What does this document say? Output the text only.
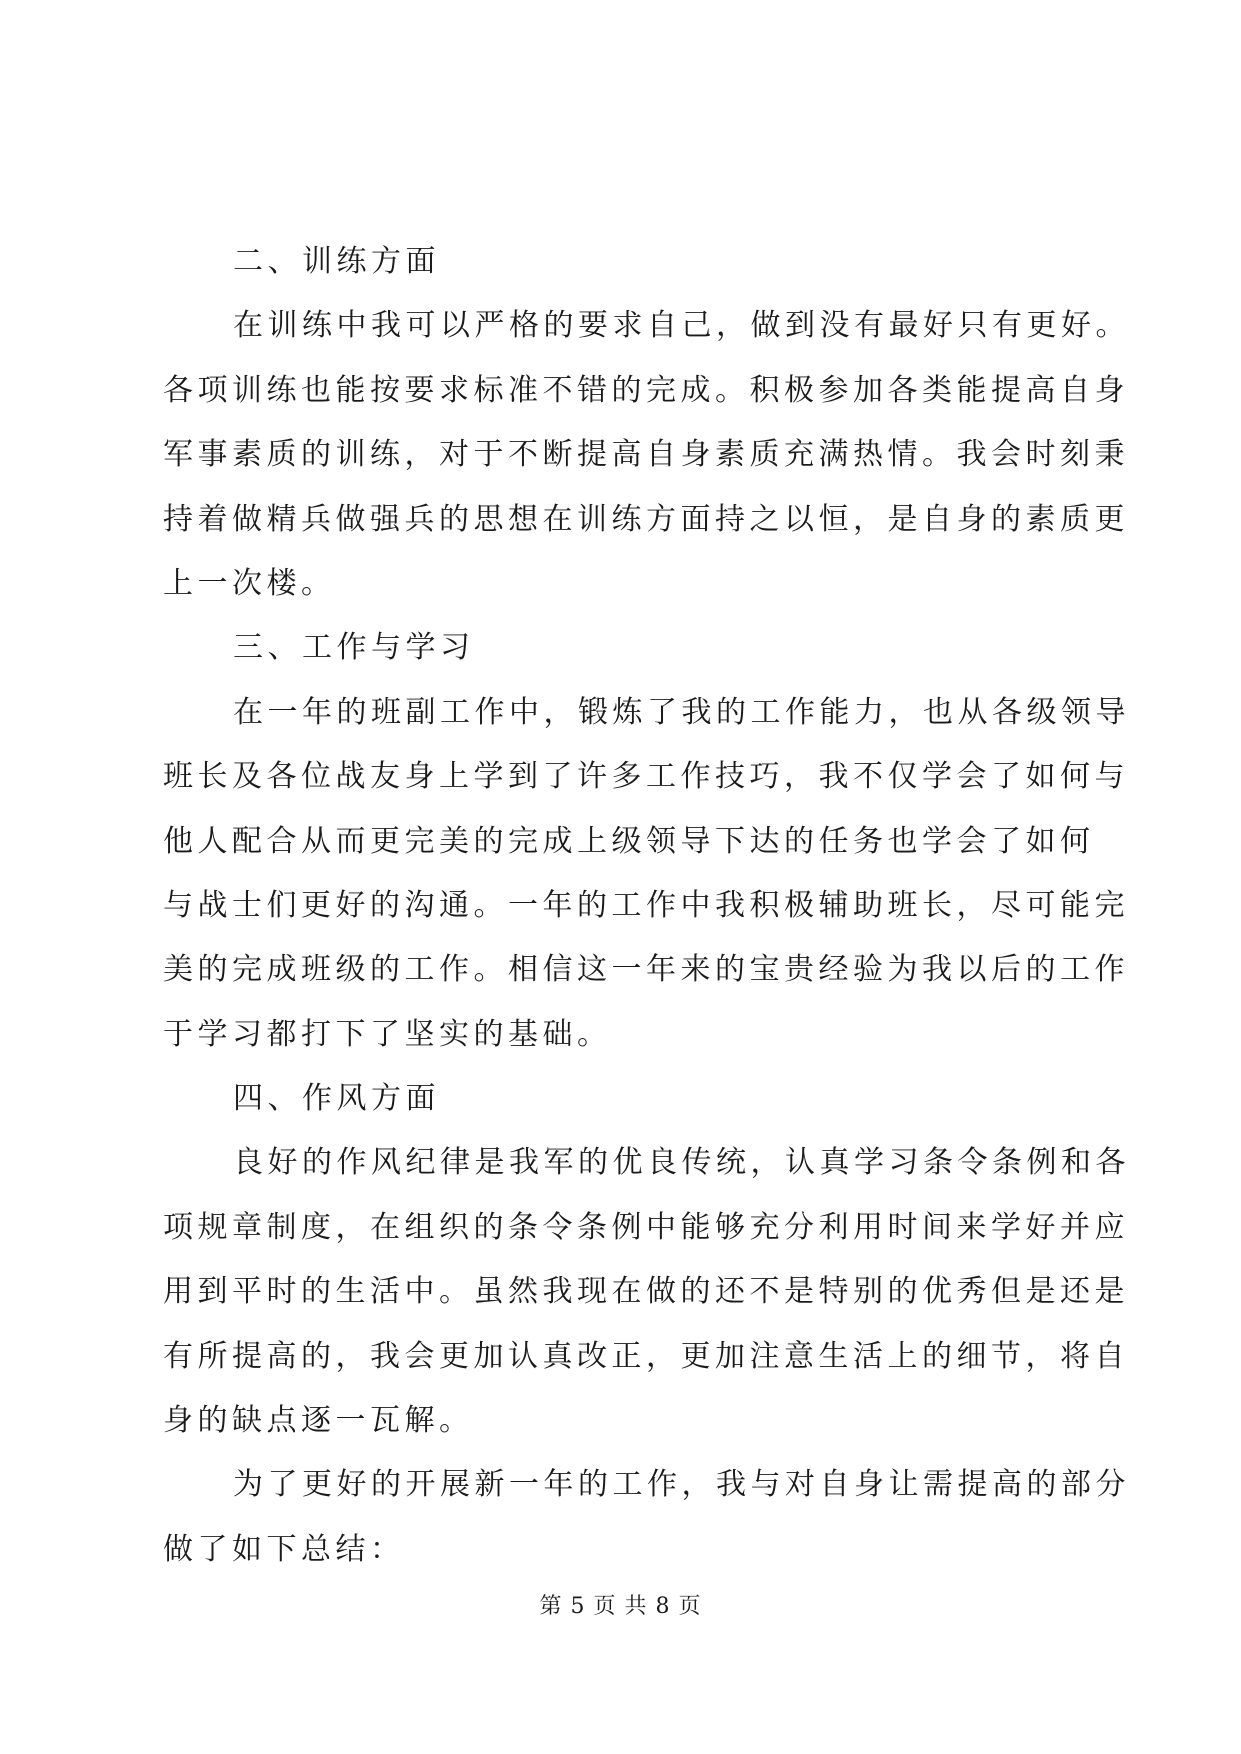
二、训练方面
在训练中我可以严格的要求自己，做到没有最好只有更好。
各项训练也能按要求标准不错的完成。积极参加各类能提高自身
军事素质的训练，对于不断提高自身素质充满热情。我会时刻秉
持着做精兵做强兵的思想在训练方面持之以恒，是自身的素质更
上一次楼。
三、工作与学习
在一年的班副工作中，锻炼了我的工作能力，也从各级领导
班长及各位战友身上学到了许多工作技巧，我不仅学会了如何与
他人配合从而更完美的完成上级领导下达的任务也学会了如何
与战士们更好的沟通。一年的工作中我积极辅助班长，尽可能完
美的完成班级的工作。相信这一年来的宝贵经验为我以后的工作
于学习都打下了坚实的基础。
四、作风方面
良好的作风纪律是我军的优良传统，认真学习条令条例和各
项规章制度，在组织的条令条例中能够充分利用时间来学好并应
用到平时的生活中。虽然我现在做的还不是特别的优秀但是还是
有所提高的，我会更加认真改正，更加注意生活上的细节，将自
身的缺点逐一瓦解。
为了更好的开展新一年的工作，我与对自身让需提高的部分
做了如下总结：
第 5 页 共 8 页
